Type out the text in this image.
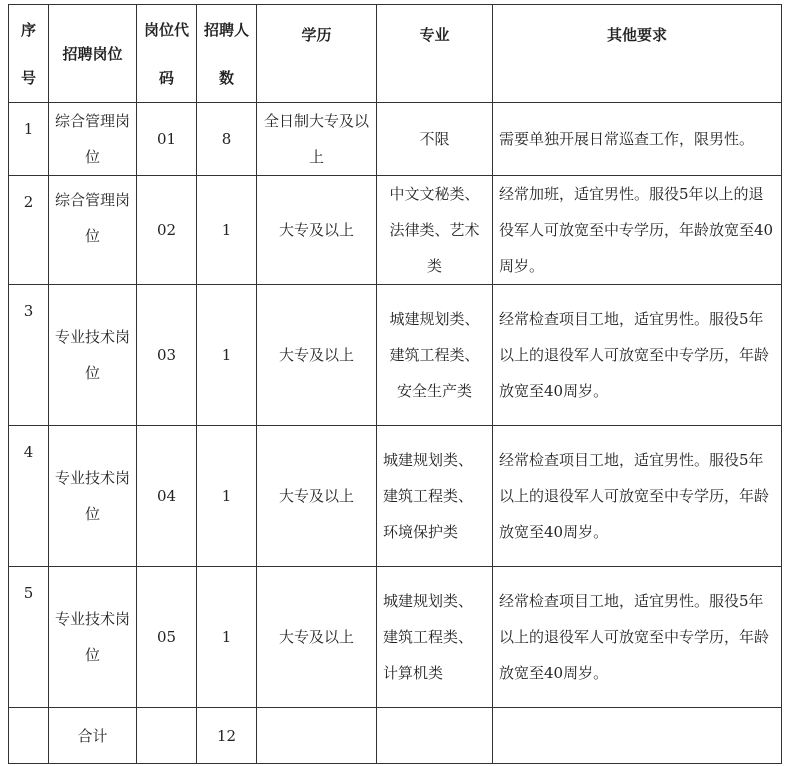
序号	招聘岗位	岗位代码	招聘人数	学历	专业	其他要求

1	综合管理岗位	01	8	全日制大专及以上	不限	需要单独开展日常巡查工作，限男性。

2	综合管理岗位	02	1	大专及以上	中文文秘类、法律类、艺术类	经常加班，适宜男性。服役5年以上的退役军人可放宽至中专学历，年龄放宽至40周岁。

3	专业技术岗位	03	1	大专及以上	城建规划类、建筑工程类、安全生产类	经常检查项目工地，适宜男性。服役5年以上的退役军人可放宽至中专学历，年龄放宽至40周岁。

4	专业技术岗位	04	1	大专及以上	城建规划类、建筑工程类、环境保护类	经常检查项目工地，适宜男性。服役5年以上的退役军人可放宽至中专学历，年龄放宽至40周岁。

5	专业技术岗位	05	1	大专及以上	城建规划类、建筑工程类、计算机类	经常检查项目工地，适宜男性。服役5年以上的退役军人可放宽至中专学历，年龄放宽至40周岁。

	合计		12			
